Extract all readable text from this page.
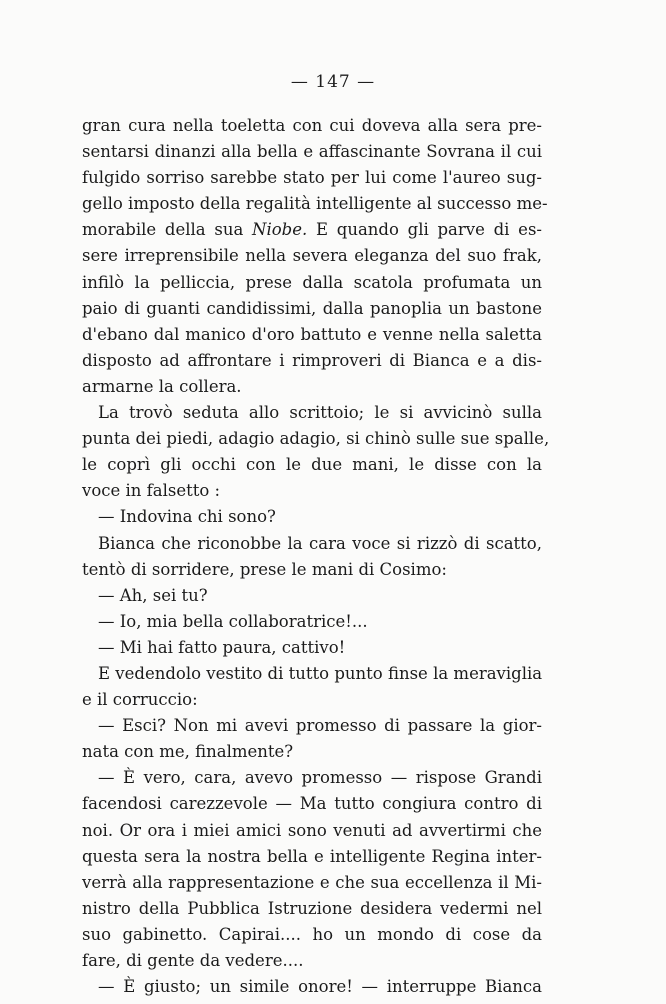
— 147 —
gran cura nella toeletta con cui doveva alla sera pre-
sentarsi dinanzi alla bella e affascinante Sovrana il cui
fulgido sorriso sarebbe stato per lui come l'aureo sug-
gello imposto della regalità intelligente al successo me-
morabile della sua Niobe. E quando gli parve di es-
sere irreprensibile nella severa eleganza del suo frak,
infilò la pelliccia, prese dalla scatola profumata un
paio di guanti candidissimi, dalla panoplia un bastone
d'ebano dal manico d'oro battuto e venne nella saletta
disposto ad affrontare i rimproveri di Bianca e a dis-
armarne la collera.
La trovò seduta allo scrittoio; le si avvicinò sulla
punta dei piedi, adagio adagio, si chinò sulle sue spalle,
le coprì gli occhi con le due mani, le disse con la
voce in falsetto :
— Indovina chi sono?
Bianca che riconobbe la cara voce si rizzò di scatto,
tentò di sorridere, prese le mani di Cosimo:
— Ah, sei tu?
— Io, mia bella collaboratrice!...
— Mi hai fatto paura, cattivo!
E vedendolo vestito di tutto punto finse la meraviglia
e il corruccio:
— Esci? Non mi avevi promesso di passare la gior-
nata con me, finalmente?
— È vero, cara, avevo promesso — rispose Grandi
facendosi carezzevole — Ma tutto congiura contro di
noi. Or ora i miei amici sono venuti ad avvertirmi che
questa sera la nostra bella e intelligente Regina inter-
verrà alla rappresentazione e che sua eccellenza il Mi-
nistro della Pubblica Istruzione desidera vedermi nel
suo gabinetto. Capirai.... ho un mondo di cose da
fare, di gente da vedere....
— È giusto; un simile onore! — interruppe Bianca
